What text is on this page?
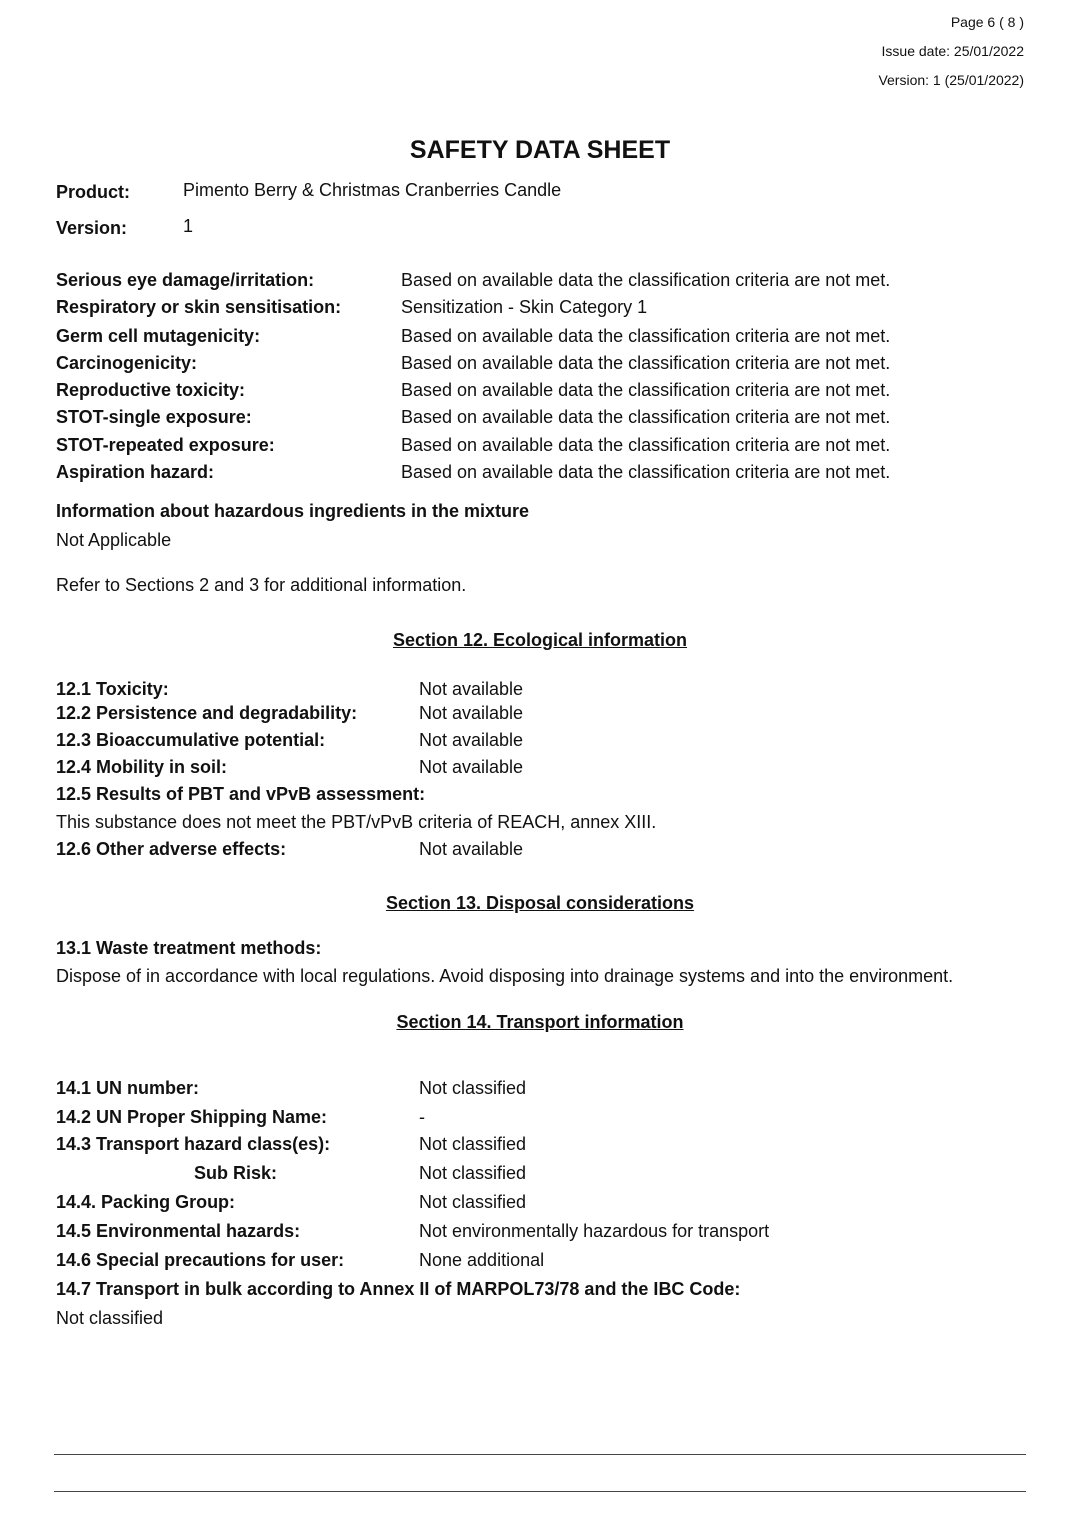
Page 6 ( 8 )
Issue date: 25/01/2022
Version: 1 (25/01/2022)
SAFETY DATA SHEET
Product:	Pimento Berry & Christmas Cranberries Candle
Version:	1
Serious eye damage/irritation:	Based on available data the classification criteria are not met.
Respiratory or skin sensitisation:	Sensitization - Skin Category 1
Germ cell mutagenicity:	Based on available data the classification criteria are not met.
Carcinogenicity:	Based on available data the classification criteria are not met.
Reproductive toxicity:	Based on available data the classification criteria are not met.
STOT-single exposure:	Based on available data the classification criteria are not met.
STOT-repeated exposure:	Based on available data the classification criteria are not met.
Aspiration hazard:	Based on available data the classification criteria are not met.
Information about hazardous ingredients in the mixture
Not Applicable
Refer to Sections 2 and 3 for additional information.
Section 12. Ecological information
12.1 Toxicity:	Not available
12.2 Persistence and degradability:	Not available
12.3 Bioaccumulative potential:	Not available
12.4 Mobility in soil:	Not available
12.5 Results of PBT and vPvB assessment:
This substance does not meet the PBT/vPvB criteria of REACH, annex XIII.
12.6 Other adverse effects:	Not available
Section 13. Disposal considerations
13.1 Waste treatment methods:
Dispose of in accordance with local regulations. Avoid disposing into drainage systems and into the environment.
Section 14. Transport information
14.1 UN number:	Not classified
14.2 UN Proper Shipping Name:	-
14.3 Transport hazard class(es):	Not classified
Sub Risk:	Not classified
14.4. Packing Group:	Not classified
14.5 Environmental hazards:	Not environmentally hazardous for transport
14.6 Special precautions for user:	None additional
14.7 Transport in bulk according to Annex II of MARPOL73/78 and the IBC Code:
Not classified
